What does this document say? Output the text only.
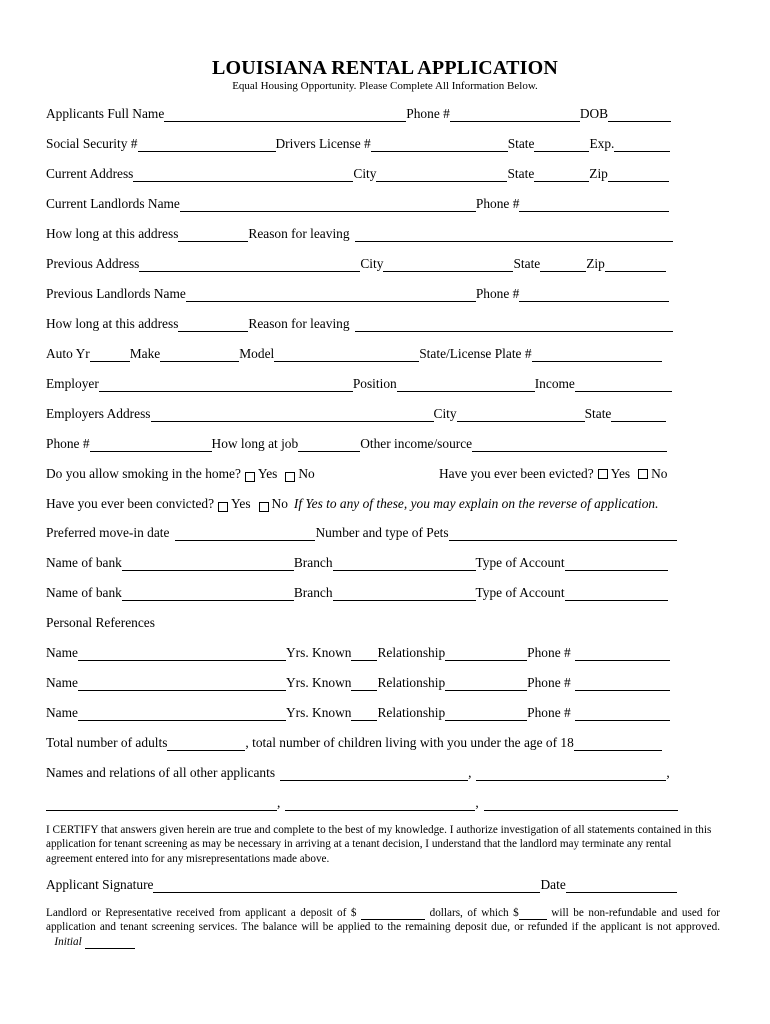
LOUISIANA RENTAL APPLICATION
Equal Housing Opportunity. Please Complete All Information Below.
Applicants Full Name	Phone #	DOB
Social Security #	Drivers License #	State	Exp.
Current Address	City	State	Zip
Current Landlords Name	Phone #
How long at this address	Reason for leaving
Previous Address	City	State	Zip
Previous Landlords Name	Phone #
How long at this address	Reason for leaving
Auto Yr	Make	Model	State/License Plate #
Employer	Position	Income
Employers Address	City	State
Phone #	How long at job	Other income/source
Do you allow smoking in the home? Yes No	Have you ever been evicted? Yes No
Have you ever been convicted? Yes No If Yes to any of these, you may explain on the reverse of application.
Preferred move-in date	Number and type of Pets
Name of bank	Branch	Type of Account
Name of bank	Branch	Type of Account
Personal References
Name	Yrs. Known Relationship	Phone #
Name	Yrs. Known Relationship	Phone #
Name	Yrs. Known Relationship	Phone #
Total number of adults	, total number of children living with you under the age of 18
Names and relations of all other applicants	,	,
,	,
I CERTIFY that answers given herein are true and complete to the best of my knowledge. I authorize investigation of all statements contained in this application for tenant screening as may be necessary in arriving at a tenant decision, I understand that the landlord may terminate any rental agreement entered into for any misrepresentations made above.
Applicant Signature	Date
Landlord or Representative received from applicant a deposit of $	dollars, of which $	will be non-refundable and used for application and tenant screening services. The balance will be applied to the remaining deposit due, or refunded if the applicant is not approved.    Initial
